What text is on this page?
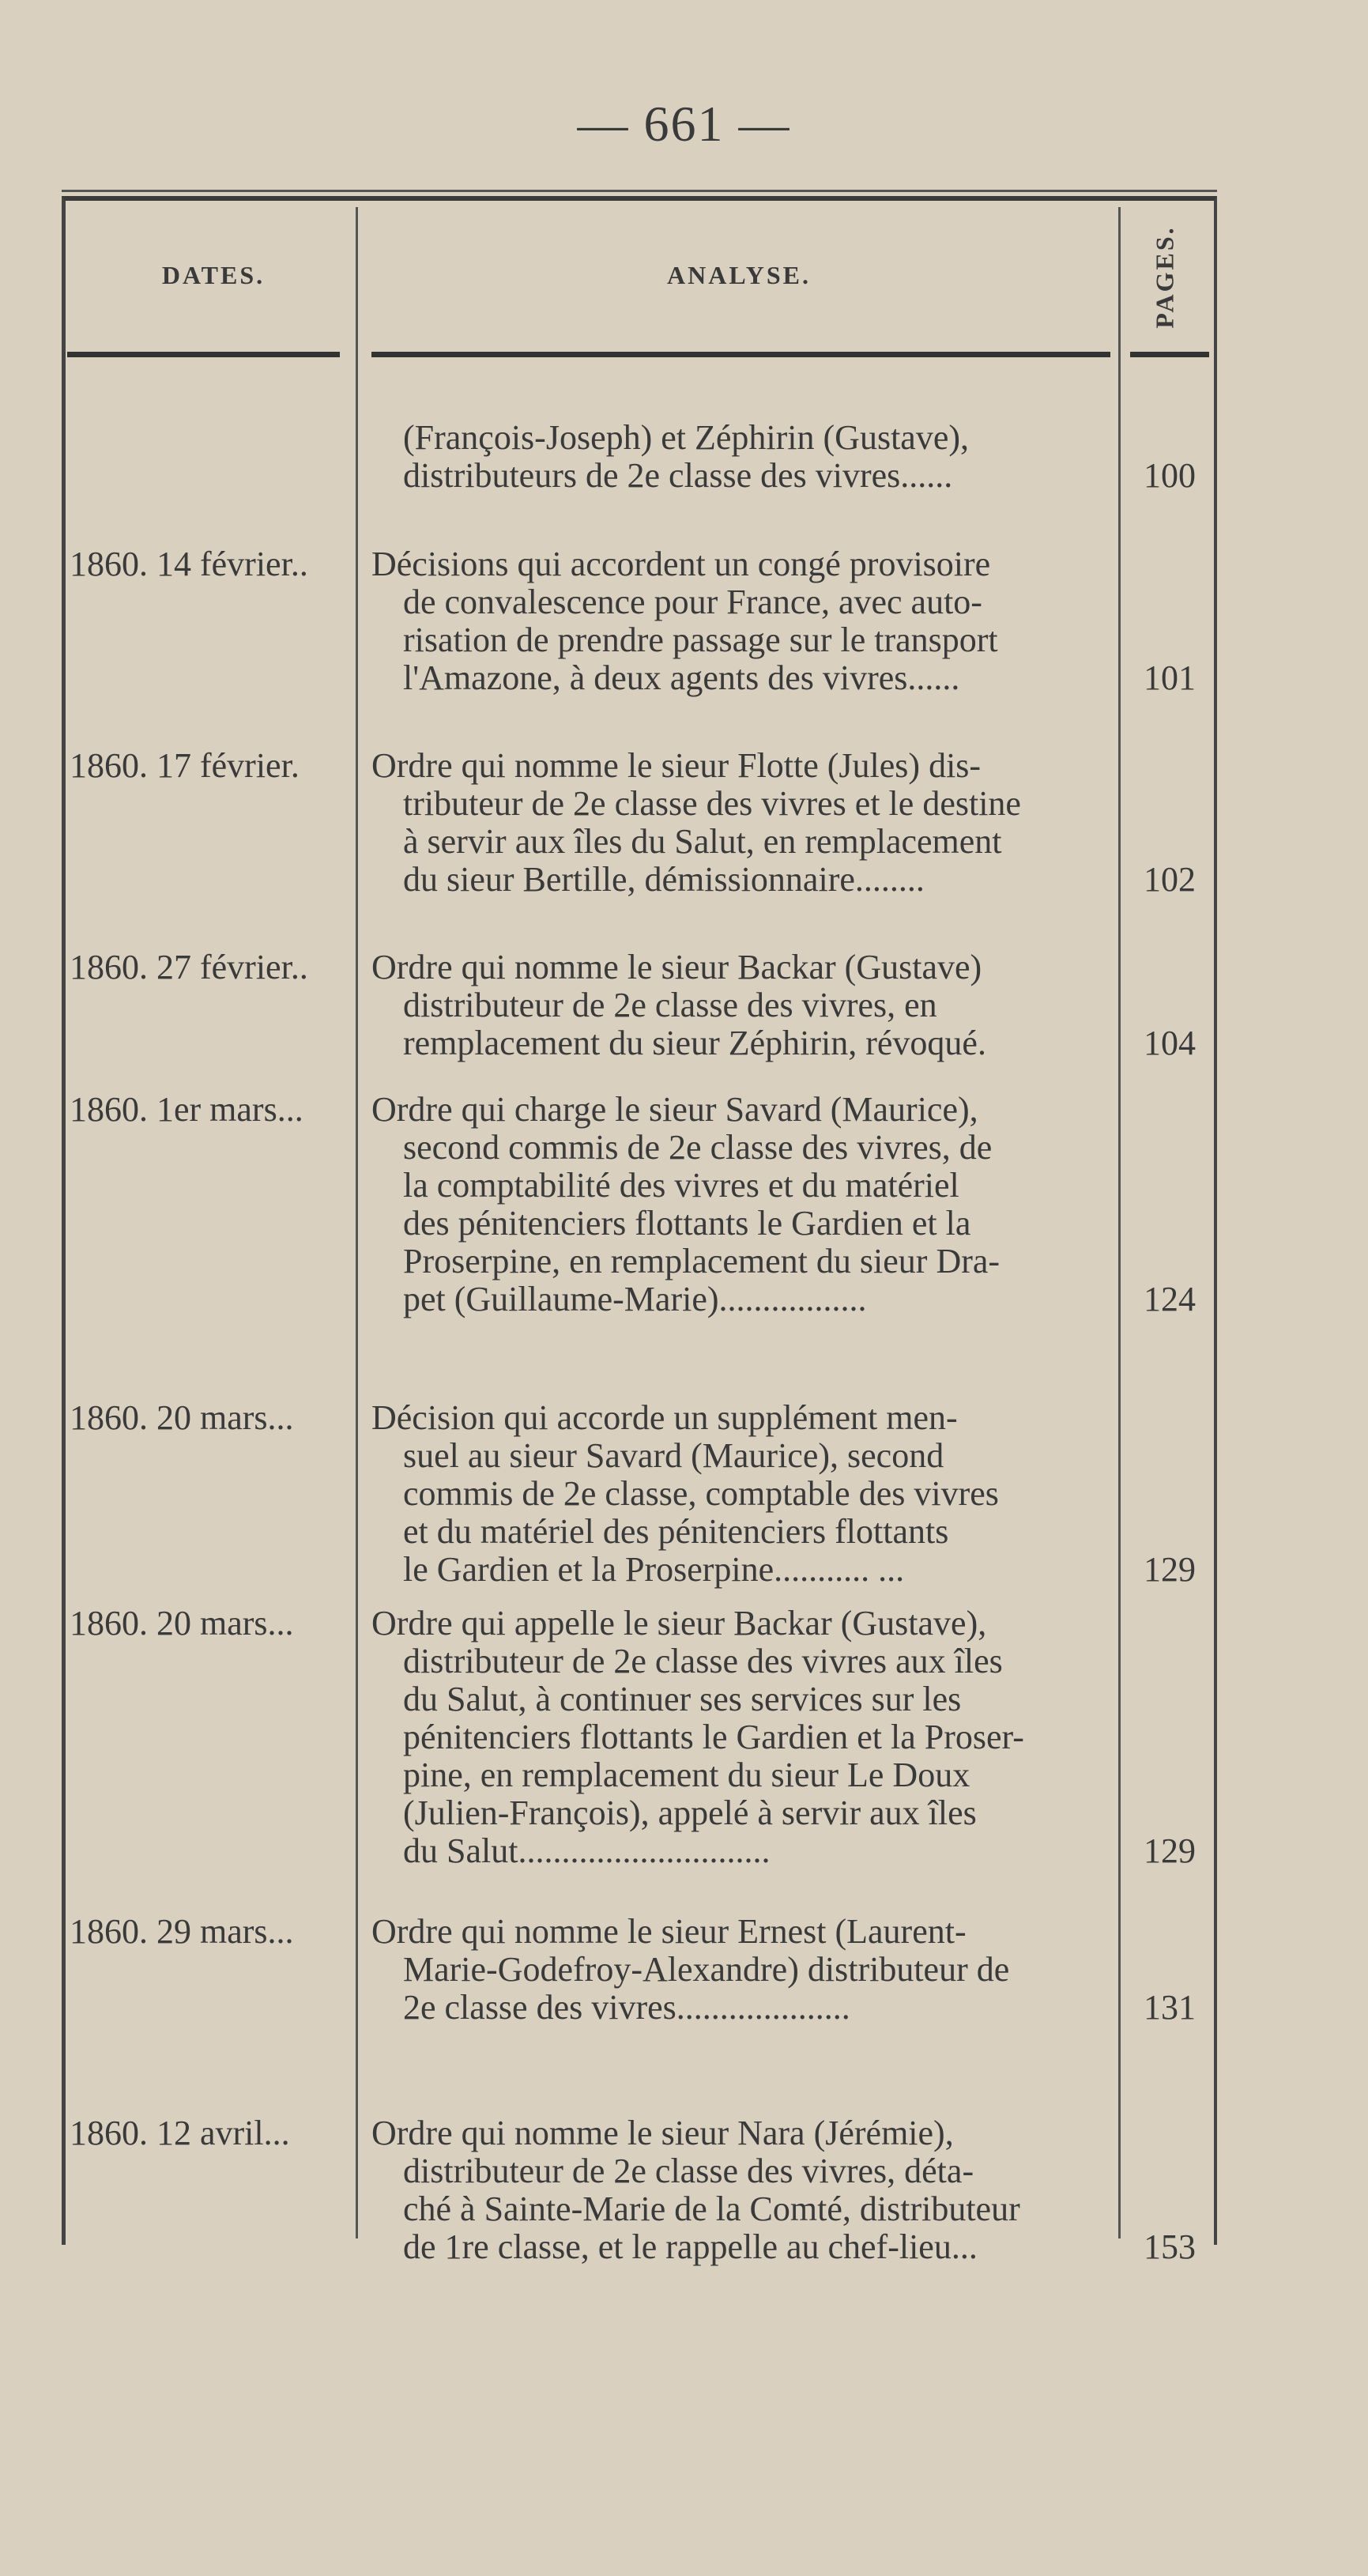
— 661 —
DATES.	ANALYSE.	PAGES.
(François-Joseph) et Zéphirin (Gustave),
distributeurs de 2e classe des vivres......	100
1860. 14 février..	Décisions qui accordent un congé provisoire
de convalescence pour France, avec auto-
risation de prendre passage sur le transport
l'Amazone, à deux agents des vivres......	101
1860. 17 février.	Ordre qui nomme le sieur Flotte (Jules) dis-
tributeur de 2e classe des vivres et le destine
à servir aux îles du Salut, en remplacement
du sieur Bertille, démissionnaire........	102
1860. 27 février..	Ordre qui nomme le sieur Backar (Gustave)
distributeur de 2e classe des vivres, en
remplacement du sieur Zéphirin, révoqué.	104
1860. 1er mars...	Ordre qui charge le sieur Savard (Maurice),
second commis de 2e classe des vivres, de
la comptabilité des vivres et du matériel
des pénitenciers flottants le Gardien et la
Proserpine, en remplacement du sieur Dra-
pet (Guillaume-Marie).................	124
1860. 20 mars...	Décision qui accorde un supplément men-
suel au sieur Savard (Maurice), second
commis de 2e classe, comptable des vivres
et du matériel des pénitenciers flottants
le Gardien et la Proserpine........... ...	129
1860. 20 mars...	Ordre qui appelle le sieur Backar (Gustave),
distributeur de 2e classe des vivres aux îles
du Salut, à continuer ses services sur les
pénitenciers flottants le Gardien et la Proser-
pine, en remplacement du sieur Le Doux
(Julien-François), appelé à servir aux îles
du Salut.............................	129
1860. 29 mars...	Ordre qui nomme le sieur Ernest (Laurent-
Marie-Godefroy-Alexandre) distributeur de
2e classe des vivres....................	131
1860. 12 avril...	Ordre qui nomme le sieur Nara (Jérémie),
distributeur de 2e classe des vivres, déta-
ché à Sainte-Marie de la Comté, distributeur
de 1re classe, et le rappelle au chef-lieu...	153
